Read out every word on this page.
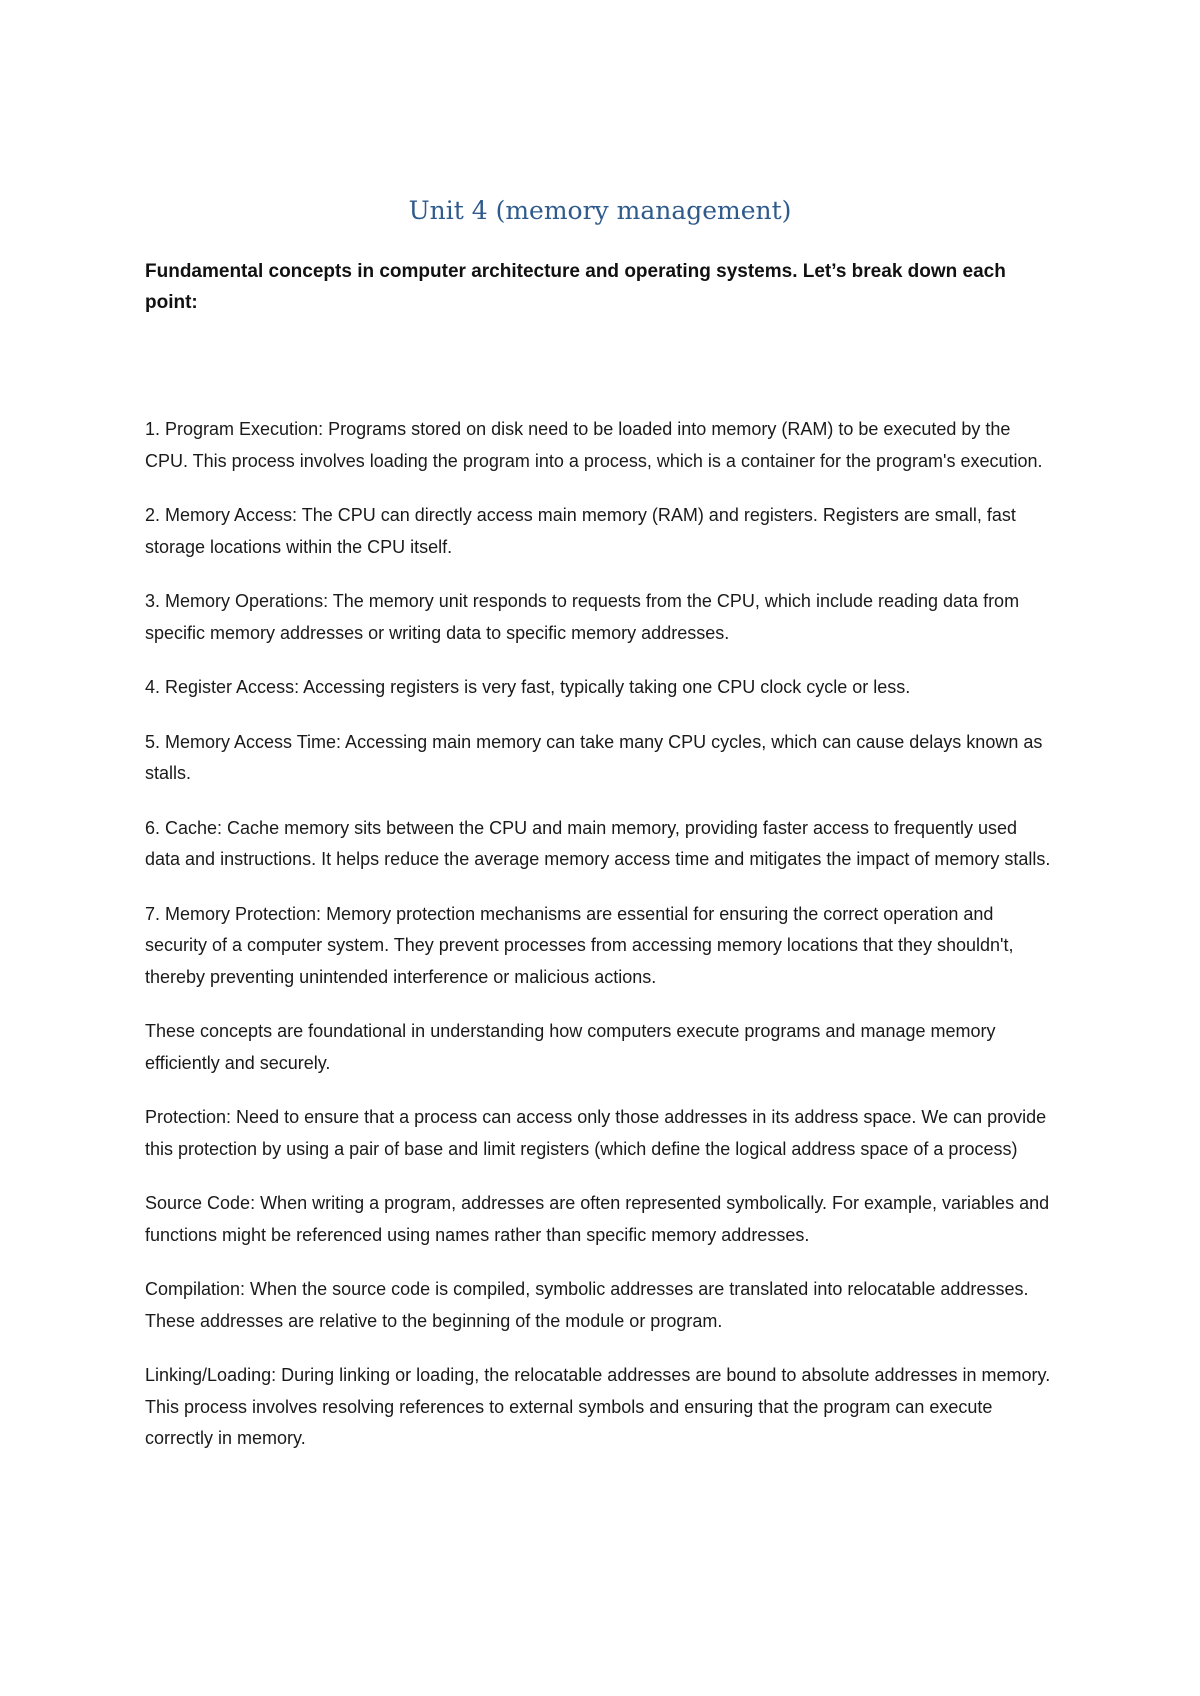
Unit 4 (memory management)

Fundamental concepts in computer architecture and operating systems. Let’s break down each point:

1. Program Execution: Programs stored on disk need to be loaded into memory (RAM) to be executed by the CPU. This process involves loading the program into a process, which is a container for the program's execution.

2. Memory Access: The CPU can directly access main memory (RAM) and registers. Registers are small, fast storage locations within the CPU itself.

3. Memory Operations: The memory unit responds to requests from the CPU, which include reading data from specific memory addresses or writing data to specific memory addresses.

4. Register Access: Accessing registers is very fast, typically taking one CPU clock cycle or less.

5. Memory Access Time: Accessing main memory can take many CPU cycles, which can cause delays known as stalls.

6. Cache: Cache memory sits between the CPU and main memory, providing faster access to frequently used data and instructions. It helps reduce the average memory access time and mitigates the impact of memory stalls.

7. Memory Protection: Memory protection mechanisms are essential for ensuring the correct operation and security of a computer system. They prevent processes from accessing memory locations that they shouldn't, thereby preventing unintended interference or malicious actions.

These concepts are foundational in understanding how computers execute programs and manage memory efficiently and securely.

Protection: Need to ensure that a process can access only those addresses in its address space. We can provide this protection by using a pair of base and limit registers (which define the logical address space of a process)

Source Code: When writing a program, addresses are often represented symbolically. For example, variables and functions might be referenced using names rather than specific memory addresses.

Compilation: When the source code is compiled, symbolic addresses are translated into relocatable addresses. These addresses are relative to the beginning of the module or program.

Linking/Loading: During linking or loading, the relocatable addresses are bound to absolute addresses in memory. This process involves resolving references to external symbols and ensuring that the program can execute correctly in memory.
